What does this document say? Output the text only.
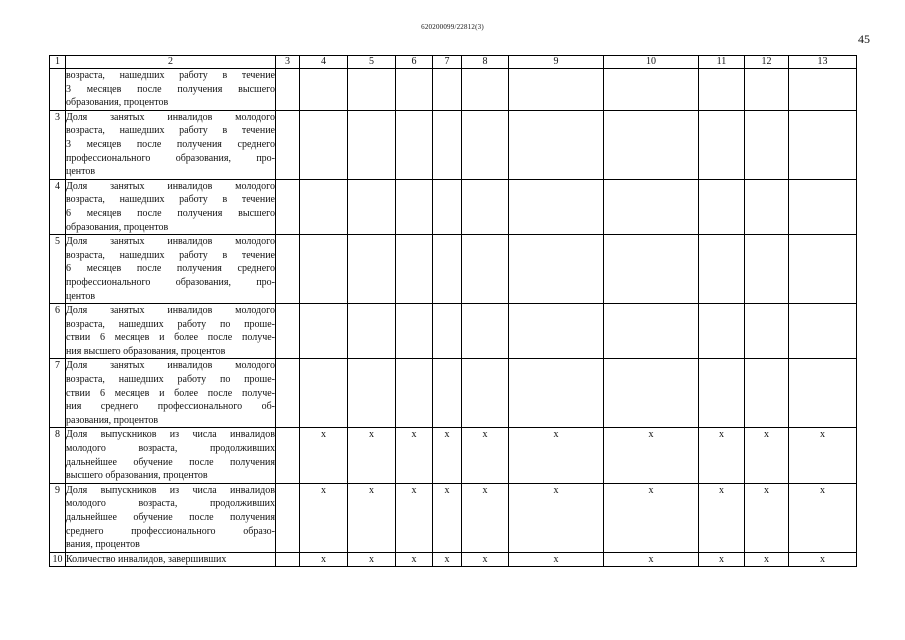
620200099/22812(3)
45
1	2	3	4	5	6	7	8	9	10	11	12	13

	возраста, нашедших работу в течение
3 месяцев после получения высшего
образования, процентов											

3	Доля занятых инвалидов молодого
возраста, нашедших работу в течение
3 месяцев после получения среднего
профессионального образования, про-
центов											

4	Доля занятых инвалидов молодого
возраста, нашедших работу в течение
6 месяцев после получения высшего
образования, процентов											

5	Доля занятых инвалидов молодого
возраста, нашедших работу в течение
6 месяцев после получения среднего
профессионального образования, про-
центов											

6	Доля занятых инвалидов молодого
возраста, нашедших работу по проше-
ствии 6 месяцев и более после получе-
ния высшего образования, процентов											

7	Доля занятых инвалидов молодого
возраста, нашедших работу по проше-
ствии 6 месяцев и более после получе-
ния среднего профессионального об-
разования, процентов											

8	Доля выпускников из числа инвалидов
молодого возраста, продолживших
дальнейшее обучение после получения
высшего образования, процентов		x	x	x	x	x	x	x	x	x	x
9	Доля выпускников из числа инвалидов
молодого возраста, продолживших
дальнейшее обучение после получения
среднего профессионального образо-
вания, процентов		x	x	x	x	x	x	x	x	x	x
10	Количество инвалидов, завершивших		x	x	x	x	x	x	x	x	x	x
